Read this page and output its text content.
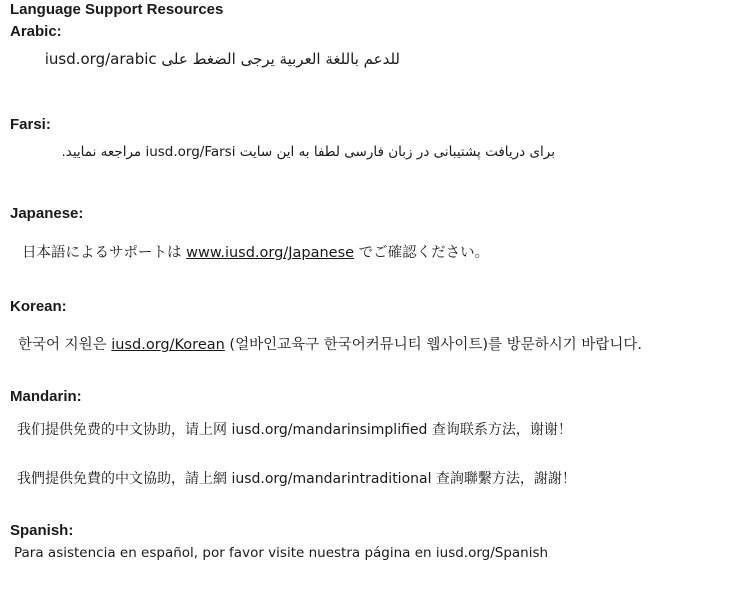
Language Support Resources
Arabic:
للدعم باللغة العربية يرجى الضغط على iusd.org/arabic
Farsi:
برای دریافت پشتیبانی در زبان فارسی لطفا به این سایت iusd.org/Farsi مراجعه نمایید.
Japanese:
日本語によるサポートは www.iusd.org/Japanese でご確認ください。
Korean:
한국어 지원은 iusd.org/Korean (얼바인교육구 한국어커뮤니티 웹사이트)를 방문하시기 바랍니다.
Mandarin:
我们提供免费的中文协助，请上网 iusd.org/mandarinsimplified 查询联系方法，谢谢！
我們提供免費的中文協助，請上網 iusd.org/mandarintraditional 查詢聯繫方法，謝謝！
Spanish:
Para asistencia en español, por favor visite nuestra página en iusd.org/Spanish
